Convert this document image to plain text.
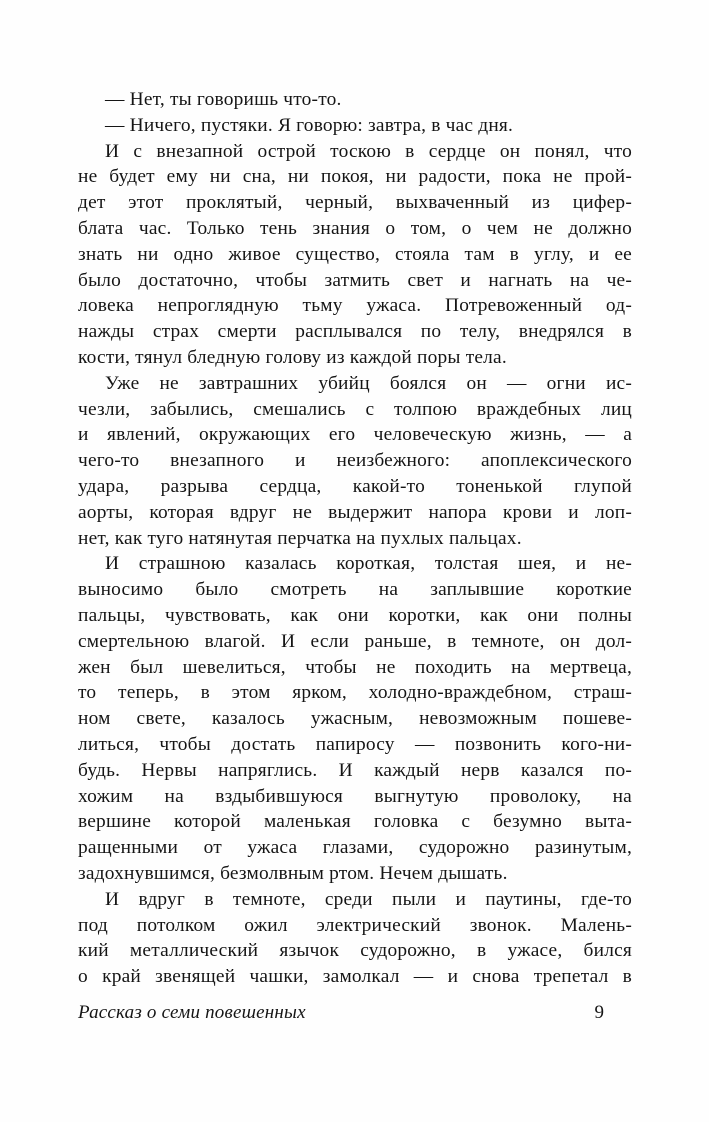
— Нет, ты говоришь что-то.
— Ничего, пустяки. Я говорю: завтра, в час дня.
И с внезапной острой тоскою в сердце он понял, что
не будет ему ни сна, ни покоя, ни радости, пока не прой-
дет этот проклятый, черный, выхваченный из цифер-
блата час. Только тень знания о том, о чем не должно
знать ни одно живое существо, стояла там в углу, и ее
было достаточно, чтобы затмить свет и нагнать на че-
ловека непроглядную тьму ужаса. Потревоженный од-
нажды страх смерти расплывался по телу, внедрялся в
кости, тянул бледную голову из каждой поры тела.
Уже не завтрашних убийц боялся он — огни ис-
чезли, забылись, смешались с толпою враждебных лиц
и явлений, окружающих его человеческую жизнь, — а
чего-то внезапного и неизбежного: апоплексического
удара, разрыва сердца, какой-то тоненькой глупой
аорты, которая вдруг не выдержит напора крови и лоп-
нет, как туго натянутая перчатка на пухлых пальцах.
И страшною казалась короткая, толстая шея, и не-
выносимо было смотреть на заплывшие короткие
пальцы, чувствовать, как они коротки, как они полны
смертельною влагой. И если раньше, в темноте, он дол-
жен был шевелиться, чтобы не походить на мертвеца,
то теперь, в этом ярком, холодно-враждебном, страш-
ном свете, казалось ужасным, невозможным пошеве-
литься, чтобы достать папиросу — позвонить кого-ни-
будь. Нервы напряглись. И каждый нерв казался по-
хожим на вздыбившуюся выгнутую проволоку, на
вершине которой маленькая головка с безумно выта-
ращенными от ужаса глазами, судорожно разинутым,
задохнувшимся, безмолвным ртом. Нечем дышать.
И вдруг в темноте, среди пыли и паутины, где-то
под потолком ожил электрический звонок. Малень-
кий металлический язычок судорожно, в ужасе, бился
о край звенящей чашки, замолкал — и снова трепетал в
Рассказ о семи повешенных	9
